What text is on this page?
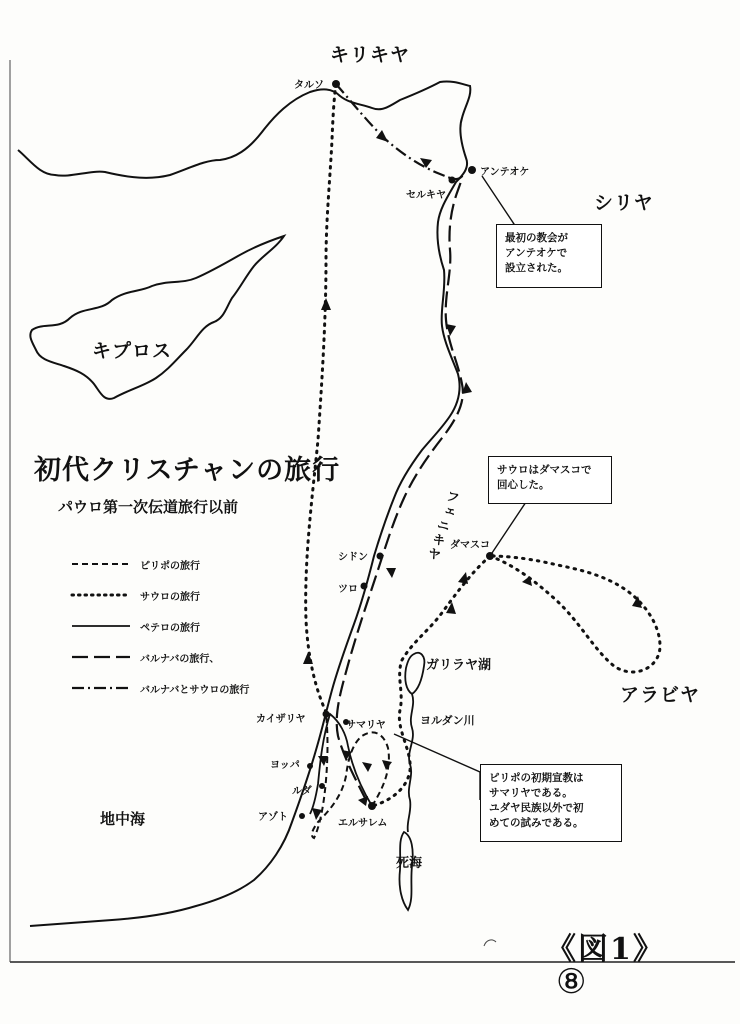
キリキヤ
シリヤ
キプロス
フェニキヤ
アラビヤ
地中海
ガリラヤ湖
ヨルダン川
死海
タルソ
アンテオケ
セルキヤ
シドン
ツロ
ダマスコ
カイザリヤ
サマリヤ
ヨッパ
ルダ
アゾト
エルサレム
初代クリスチャンの旅行
パウロ第一次伝道旅行以前
ピリポの旅行
サウロの旅行
ペテロの旅行
バルナバの旅行、
バルナバとサウロの旅行
最初の教会が
アンテオケで
設立された。
サウロはダマスコで
回心した。
ピリポの初期宣教は
サマリヤである。
ユダヤ民族以外で初
めての試みである。
《図1》
⑧
